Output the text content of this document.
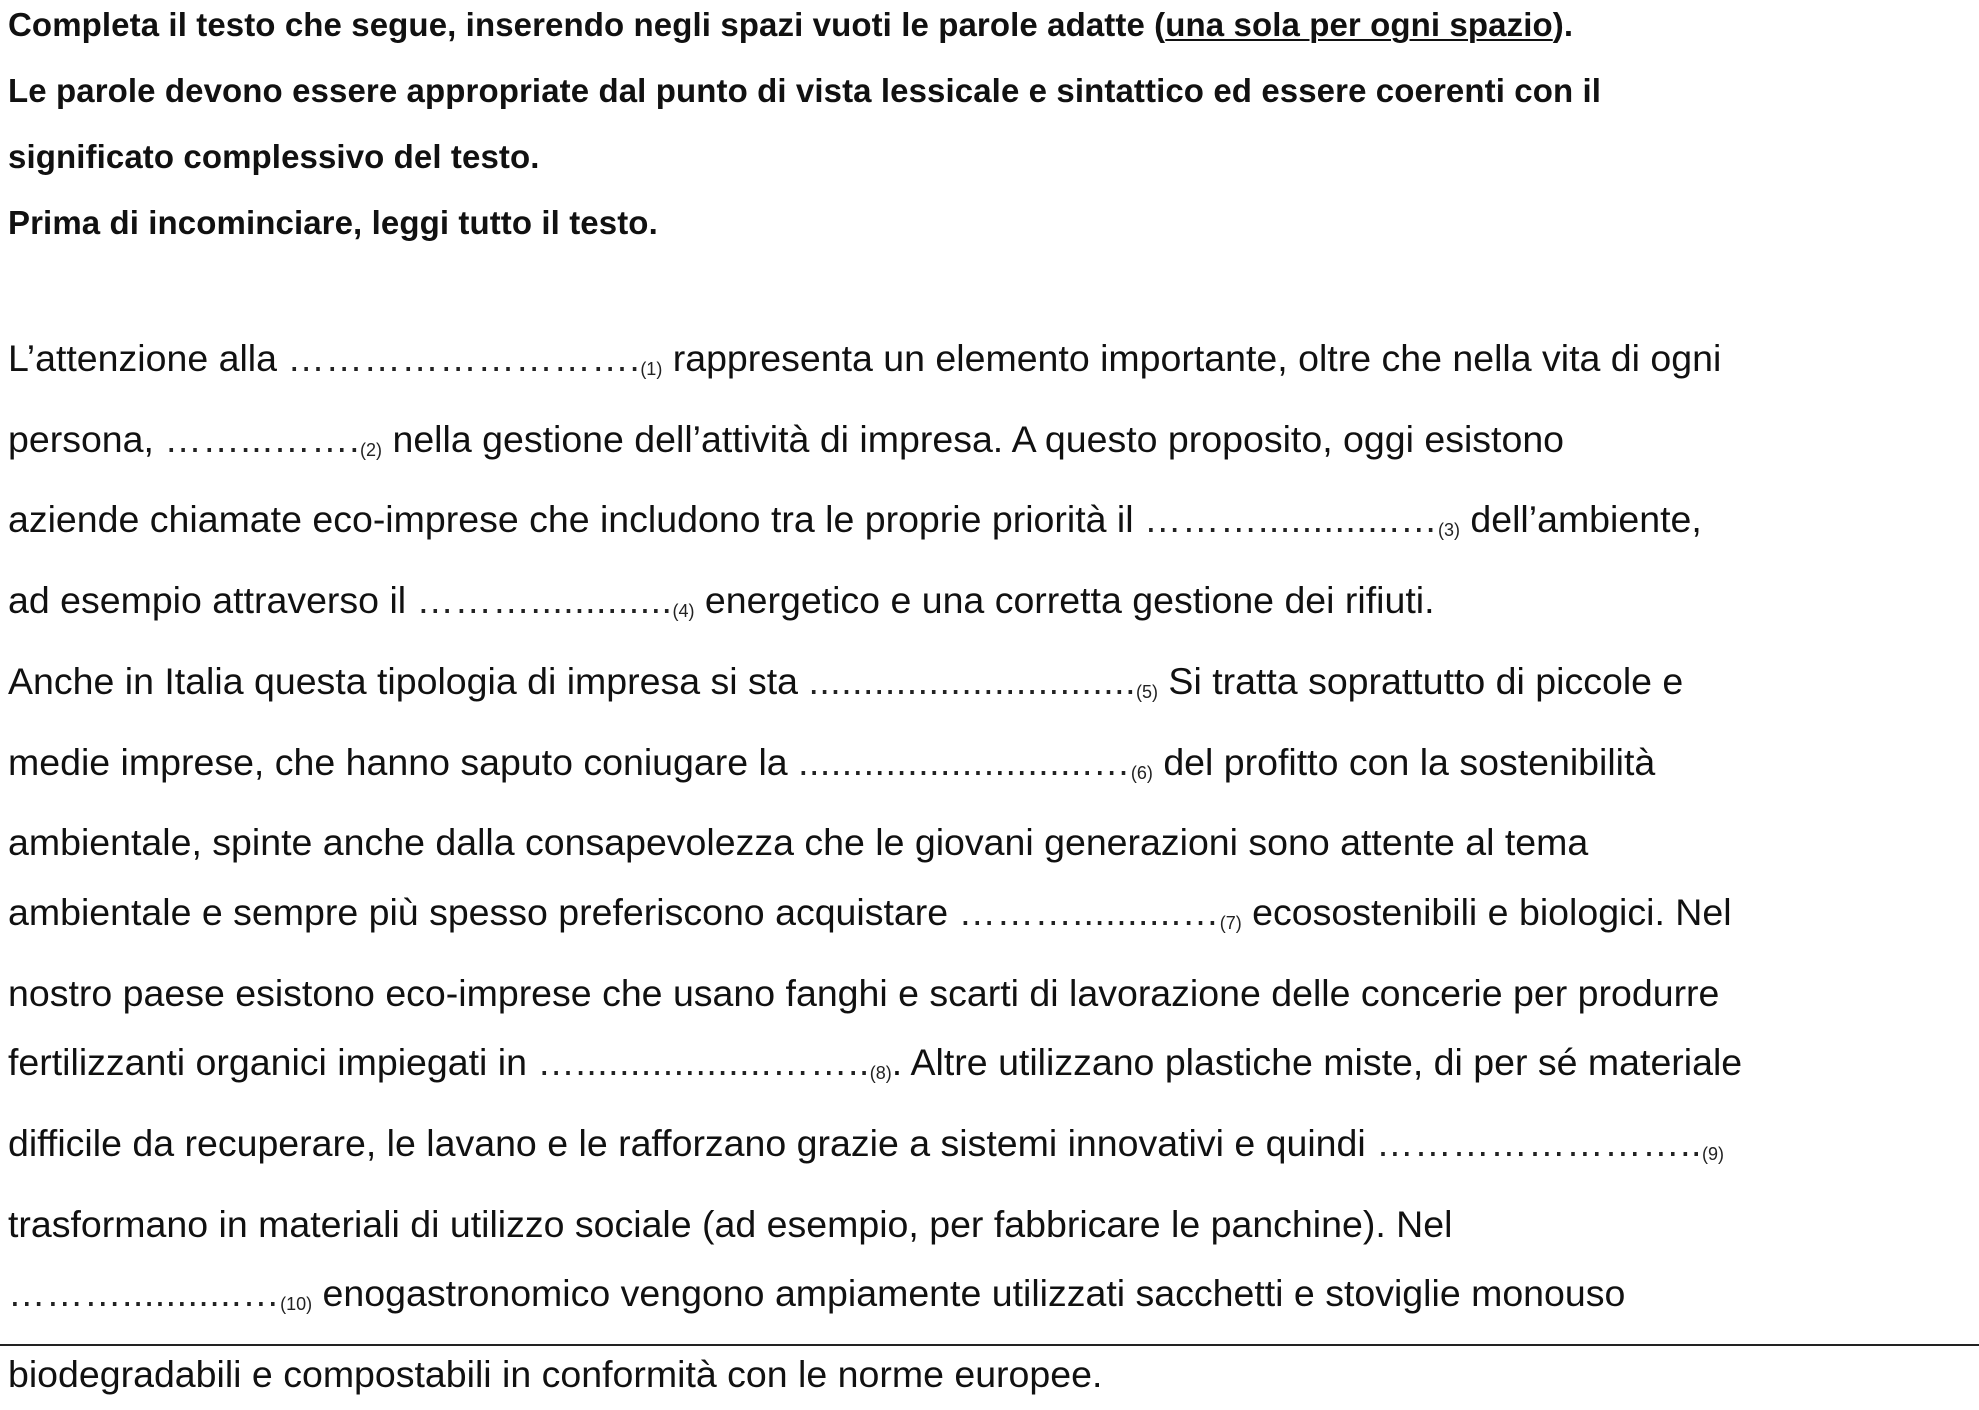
Completa il testo che segue, inserendo negli spazi vuoti le parole adatte (una sola per ogni spazio).

Le parole devono essere appropriate dal punto di vista lessicale e sintattico ed essere coerenti con il

significato complessivo del testo.

Prima di incominciare, leggi tutto il testo.

L’attenzione alla ……………………….(1) rappresenta un elemento importante, oltre che nella vita di ogni

persona, ……...…….(2) nella gestione dell’attività di impresa. A questo proposito, oggi esistono

aziende chiamate eco-imprese che includono tra le proprie priorità il ……….............…(3) dell’ambiente,

ad esempio attraverso il ……….............(4) energetico e una corretta gestione dei rifiuti.

Anche in Italia questa tipologia di impresa si sta ..............................(5) Si tratta soprattutto di piccole e

medie imprese, che hanno saputo coniugare la ...........................…(6) del profitto con la sostenibilità

ambientale, spinte anche dalla consapevolezza che le giovani generazioni sono attente al tema

ambientale e sempre più spesso preferiscono acquistare ………..........…(7) ecosostenibili e biologici. Nel

nostro paese esistono eco-imprese che usano fanghi e scarti di lavorazione delle concerie per produrre

fertilizzanti organici impiegati in …..................……..(8). Altre utilizzano plastiche miste, di per sé materiale

difficile da recuperare, le lavano e le rafforzano grazie a sistemi innovativi e quindi ……………………..(9)

trasformano in materiali di utilizzo sociale (ad esempio, per fabbricare le panchine). Nel

………...........…(10) enogastronomico vengono ampiamente utilizzati sacchetti e stoviglie monouso

biodegradabili e compostabili in conformità con le norme europee.
